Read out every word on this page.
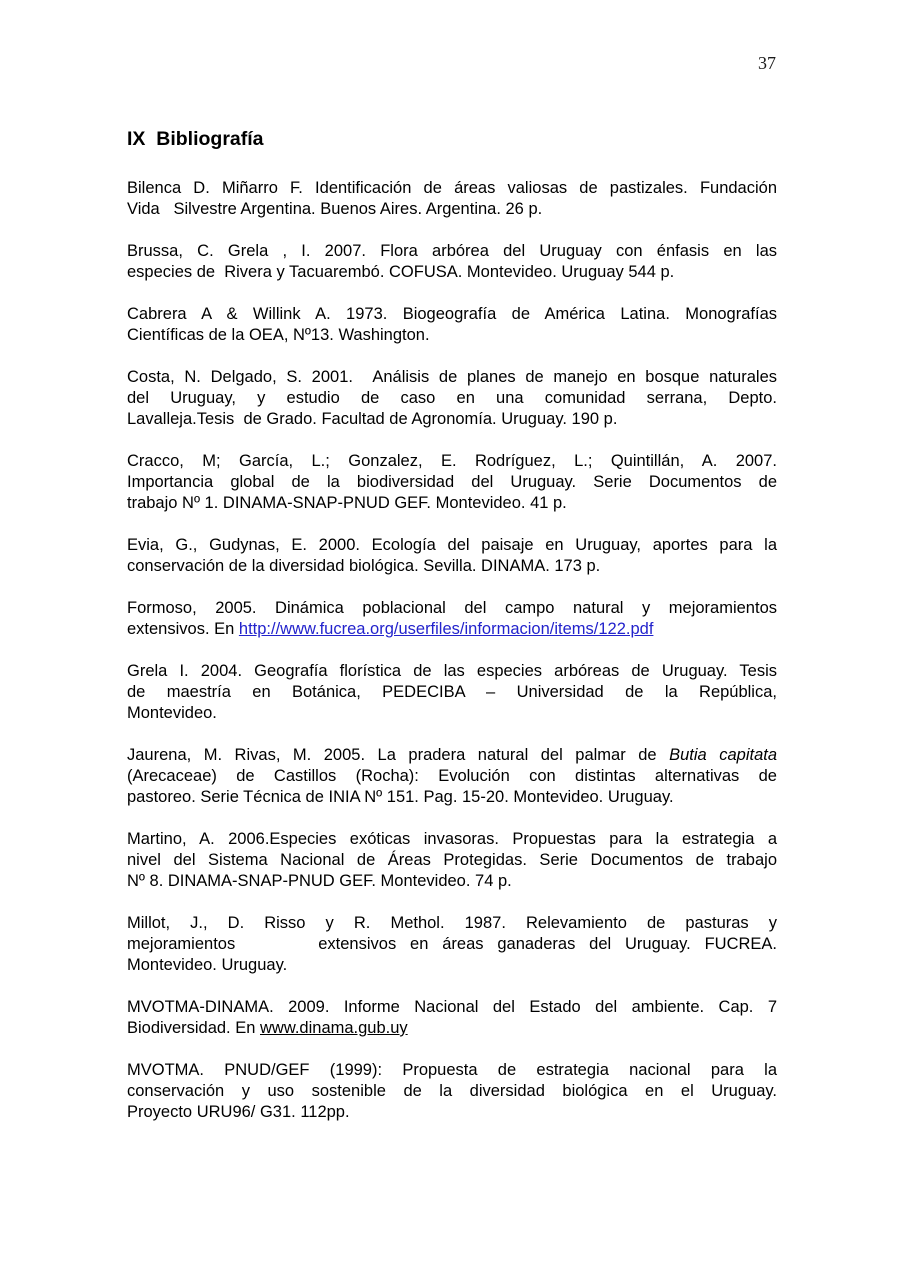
37
IX  Bibliografía

Bilenca D. Miñarro F. Identificación de áreas valiosas de pastizales. Fundación
Vida   Silvestre Argentina. Buenos Aires. Argentina. 26 p.

Brussa, C. Grela , I. 2007. Flora arbórea del Uruguay con énfasis en las
especies de  Rivera y Tacuarembó. COFUSA. Montevideo. Uruguay 544 p.

Cabrera A & Willink A. 1973. Biogeografía de América Latina. Monografías
Científicas de la OEA, Nº13. Washington.

Costa, N. Delgado, S. 2001.  Análisis de planes de manejo en bosque naturales
del Uruguay, y estudio de caso en una comunidad serrana, Depto.
Lavalleja.Tesis  de Grado. Facultad de Agronomía. Uruguay. 190 p.

Cracco, M; García, L.; Gonzalez, E. Rodríguez, L.; Quintillán, A. 2007.
Importancia global de la biodiversidad del Uruguay. Serie Documentos de
trabajo Nº 1. DINAMA-SNAP-PNUD GEF. Montevideo. 41 p.

Evia, G., Gudynas, E. 2000. Ecología del paisaje en Uruguay, aportes para la
conservación de la diversidad biológica. Sevilla. DINAMA. 173 p.

Formoso, 2005. Dinámica poblacional del campo natural y mejoramientos
extensivos. En http://www.fucrea.org/userfiles/informacion/items/122.pdf

Grela I. 2004. Geografía florística de las especies arbóreas de Uruguay. Tesis
de maestría en Botánica, PEDECIBA – Universidad de la República,
Montevideo.

Jaurena, M. Rivas, M. 2005. La pradera natural del palmar de Butia capitata
(Arecaceae) de Castillos (Rocha): Evolución con distintas alternativas de
pastoreo. Serie Técnica de INIA Nº 151. Pag. 15-20. Montevideo. Uruguay.

Martino, A. 2006.Especies exóticas invasoras. Propuestas para la estrategia a
nivel del Sistema Nacional de Áreas Protegidas. Serie Documentos de trabajo
Nº 8. DINAMA-SNAP-PNUD GEF. Montevideo. 74 p.

Millot, J., D. Risso y R. Methol. 1987. Relevamiento de pasturas y
mejoramientos      extensivos en áreas ganaderas del Uruguay. FUCREA.
Montevideo. Uruguay.

MVOTMA-DINAMA. 2009. Informe Nacional del Estado del ambiente. Cap. 7
Biodiversidad. En www.dinama.gub.uy

MVOTMA. PNUD/GEF (1999): Propuesta de estrategia nacional para la
conservación y uso sostenible de la diversidad biológica en el Uruguay.
Proyecto URU96/ G31. 112pp.
